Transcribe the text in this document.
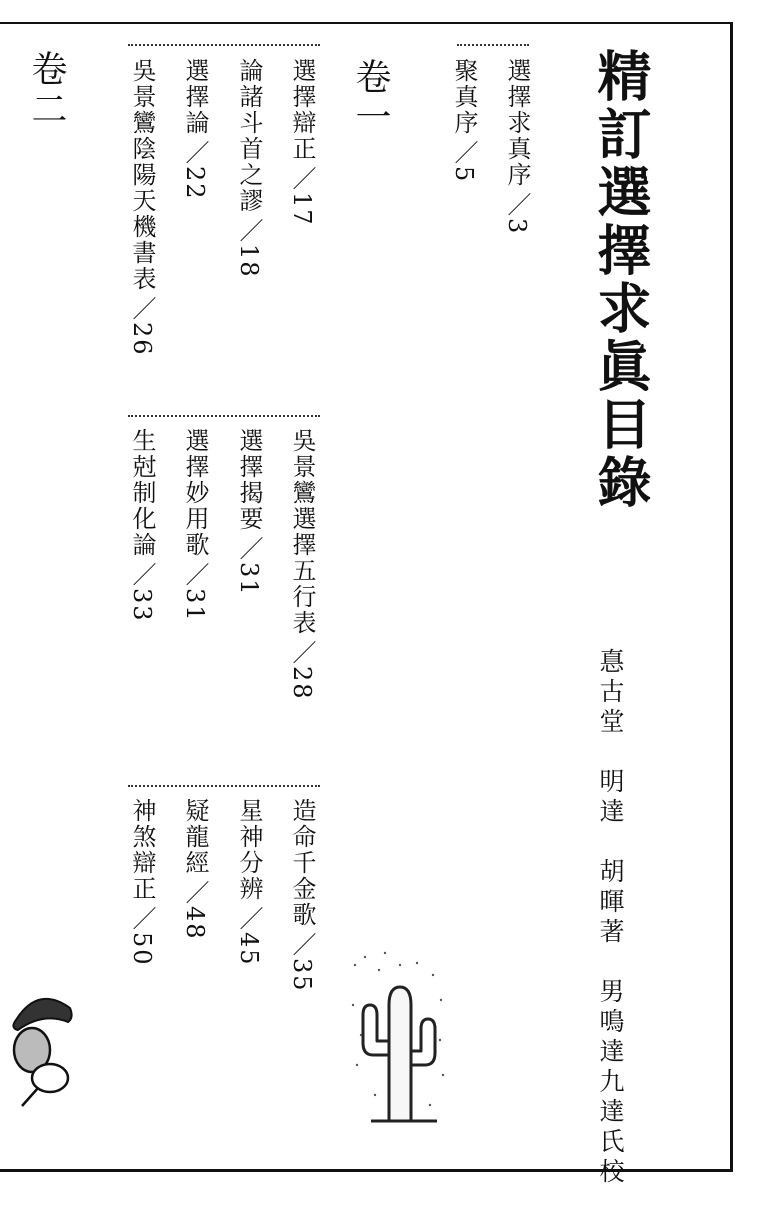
精訂選擇求眞目錄
卷一
卷二	選擇求真序／3
聚真序／5
選擇辯正／17
論諸斗首之謬／18
選擇論／22
吳景鸞陰陽天機書表／26
吳景鸞選擇五行表／28
選擇揭要／31
選擇妙用歌／31
生尅制化論／33
造命千金歌／35
星神分辨／45
疑龍經／48
神煞辯正／50	惪古堂　明達　胡暉著　男鳴達九達氏校
